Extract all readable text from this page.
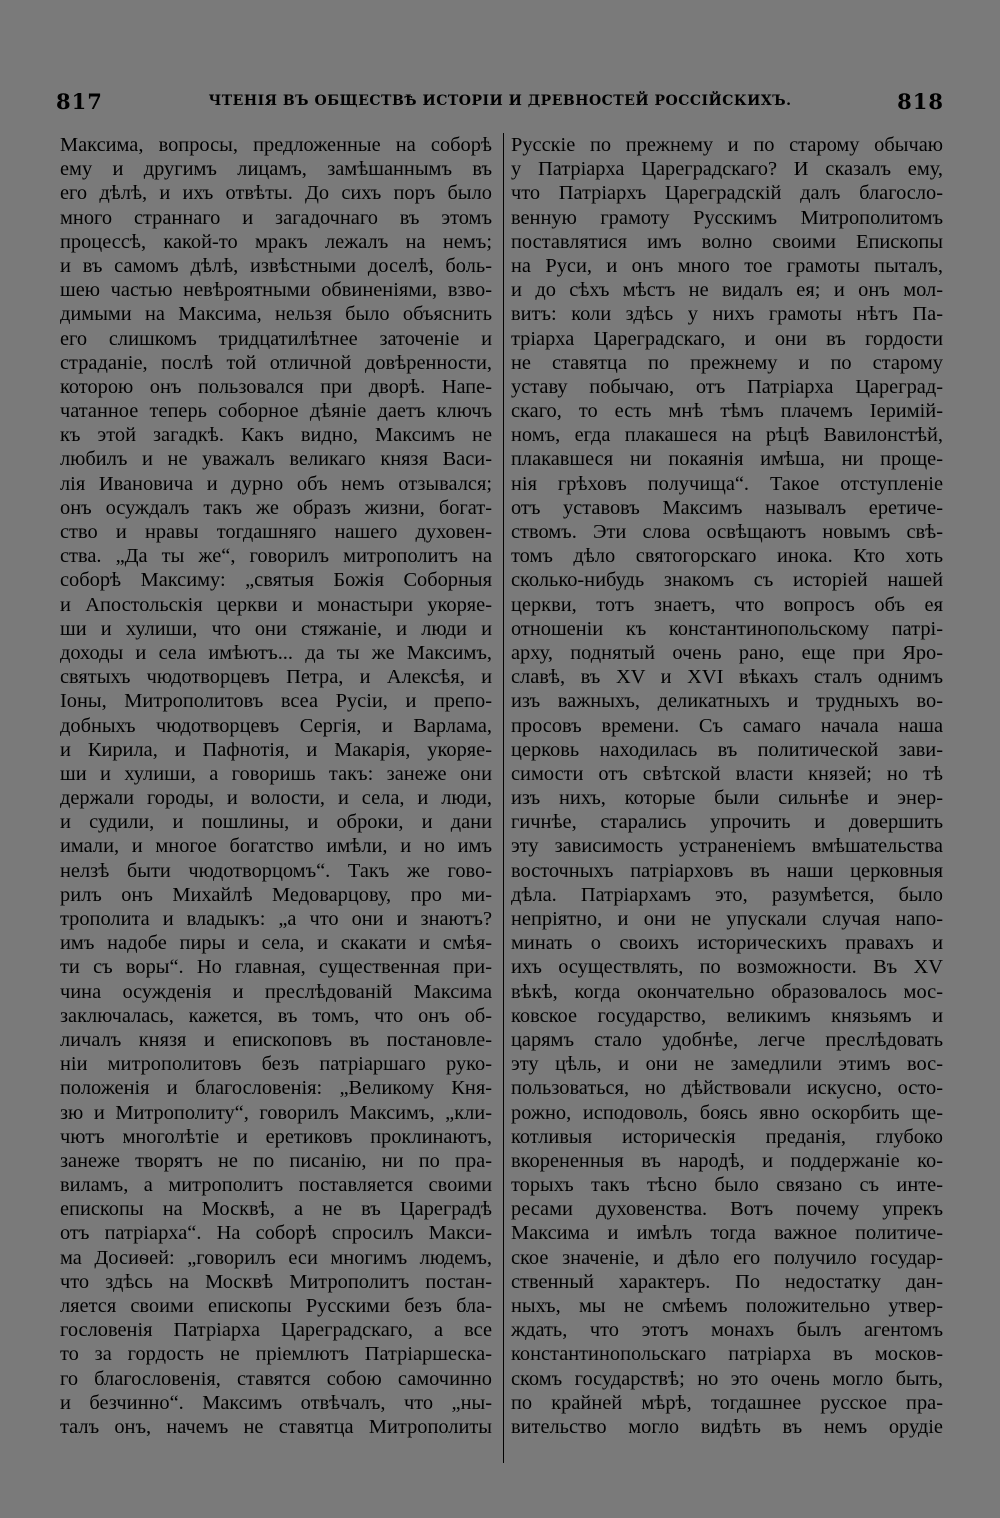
817	ЧТЕНІЯ ВЪ ОБЩЕСТВѢ ИСТОРІИ И ДРЕВНОСТЕЙ РОССІЙСКИХЪ.	818
Максима, вопросы, предложенные на соборѣ
ему и другимъ лицамъ, замѣшаннымъ въ
его дѣлѣ, и ихъ отвѣты. До сихъ поръ было
много страннаго и загадочнаго въ этомъ
процессѣ, какой-то мракъ лежалъ на немъ;
и въ самомъ дѣлѣ, извѣстными доселѣ, боль-
шею частью невѣроятными обвиненіями, взво-
димыми на Максима, нельзя было объяснить
его слишкомъ тридцатилѣтнее заточеніе и
страданіе, послѣ той отличной довѣренности,
которою онъ пользовался при дворѣ. Напе-
чатанное теперь соборное дѣяніе даетъ ключъ
къ этой загадкѣ. Какъ видно, Максимъ не
любилъ и не уважалъ великаго князя Васи-
лія Ивановича и дурно объ немъ отзывался;
онъ осуждалъ такъ же образъ жизни, богат-
ство и нравы тогдашняго нашего духовен-
ства. „Да ты же“, говорилъ митрополитъ на
соборѣ Максиму: „святыя Божія Соборныя
и Апостольскія церкви и монастыри укоряе-
ши и хулиши, что они стяжаніе, и люди и
доходы и села имѣютъ... да ты же Максимъ,
святыхъ чюдотворцевъ Петра, и Алексѣя, и
Іоны, Митрополитовъ всеа Русіи, и препо-
добныхъ чюдотворцевъ Сергія, и Варлама,
и Кирила, и Пафнотія, и Макарія, укоряе-
ши и хулиши, а говоришь такъ: занеже они
держали городы, и волости, и села, и люди,
и судили, и пошлины, и оброки, и дани
имали, и многое богатство имѣли, и но имъ
нелзѣ быти чюдотворцомъ“. Такъ же гово-
рилъ онъ Михайлѣ Медоварцову, про ми-
трополита и владыкъ: „а что они и знаютъ?
имъ надобе пиры и села, и скакати и смѣя-
ти съ воры“. Но главная, существенная при-
чина осужденія и преслѣдованій Максима
заключалась, кажется, въ томъ, что онъ об-
личалъ князя и епископовъ въ постановле-
ніи митрополитовъ безъ патріаршаго руко-
положенія и благословенія: „Великому Кня-
зю и Митрополиту“, говорилъ Максимъ, „кли-
чютъ многолѣтіе и еретиковъ проклинаютъ,
занеже творятъ не по писанію, ни по пра-
виламъ, а митрополитъ поставляется своими
епископы на Москвѣ, а не въ Цареградѣ
отъ патріарха“. На соборѣ спросилъ Макси-
ма Досиѳей: „говорилъ еси многимъ людемъ,
что здѣсь на Москвѣ Митрополитъ постан-
ляется своими епископы Русскими безъ бла-
гословенія Патріарха Цареградскаго, а все
то за гордость не пріемлютъ Патріаршеска-
го благословенія, ставятся собою самочинно
и безчинно“. Максимъ отвѣчалъ, что „ны-
талъ онъ, начемъ не ставятца Митрополиты
Русскіе по прежнему и по старому обычаю
у Патріарха Цареградскаго? И сказалъ ему,
что Патріархъ Цареградскій далъ благосло-
венную грамоту Русскимъ Митрополитомъ
поставлятися имъ волно своими Епископы
на Руси, и онъ много тое грамоты пыталъ,
и до сѣхъ мѣстъ не видалъ ея; и онъ мол-
витъ: коли здѣсь у нихъ грамоты нѣтъ Па-
тріарха Цареградскаго, и они въ гордости
не ставятца по прежнему и по старому
уставу побычаю, отъ Патріарха Цареград-
скаго, то есть мнѣ тѣмъ плачемъ Іеримій-
номъ, егда плакашеся на рѣцѣ Вавилонстѣй,
плакавшеся ни покаянія имѣша, ни проще-
нія грѣховъ получища“. Такое отступленіе
отъ уставовъ Максимъ называлъ еретичe-
ствомъ. Эти слова освѣщаютъ новымъ свѣ-
томъ дѣло святогорскаго инока. Кто хоть
сколько-нибудь знакомъ съ исторіей нашей
церкви, тотъ знаетъ, что вопросъ объ ея
отношеніи къ константинопольскому патрі-
арху, поднятый очень рано, еще при Яро-
славѣ, въ XV и XVI вѣкахъ сталъ однимъ
изъ важныхъ, деликатныхъ и трудныхъ во-
просовъ времени. Съ самаго начала наша
церковь находилась въ политической зави-
симости отъ свѣтской власти князей; но тѣ
изъ нихъ, которые были сильнѣе и энер-
гичнѣе, старались упрочить и довершить
эту зависимость устраненіемъ вмѣшательства
восточныхъ патріарховъ въ наши церковныя
дѣла. Патріархамъ это, разумѣется, было
непріятно, и они не упускали случая напо-
минать о своихъ историческихъ правахъ и
ихъ осуществлять, по возможности. Въ XV
вѣкѣ, когда окончательно образовалось мос-
ковское государство, великимъ князьямъ и
царямъ стало удобнѣе, легче преслѣдовать
эту цѣль, и они не замедлили этимъ вос-
пользоваться, но дѣйствовали искусно, осто-
рожно, исподоволь, боясь явно оскорбить ще-
котливыя историческія преданія, глубоко
вкорененныя въ народѣ, и поддержаніе ко-
торыхъ такъ тѣсно было связано съ инте-
ресами духовенства. Вотъ почему упрекъ
Максима и имѣлъ тогда важное политиче-
ское значеніе, и дѣло его получило государ-
ственный характеръ. По недостатку дан-
ныхъ, мы не смѣемъ положительно утвер-
ждать, что этотъ монахъ былъ агентомъ
константинопольскаго патріарха въ москов-
скомъ государствѣ; но это очень могло быть,
по крайней мѣрѣ, тогдашнее русское пра-
вительство могло видѣть въ немъ орудіе
